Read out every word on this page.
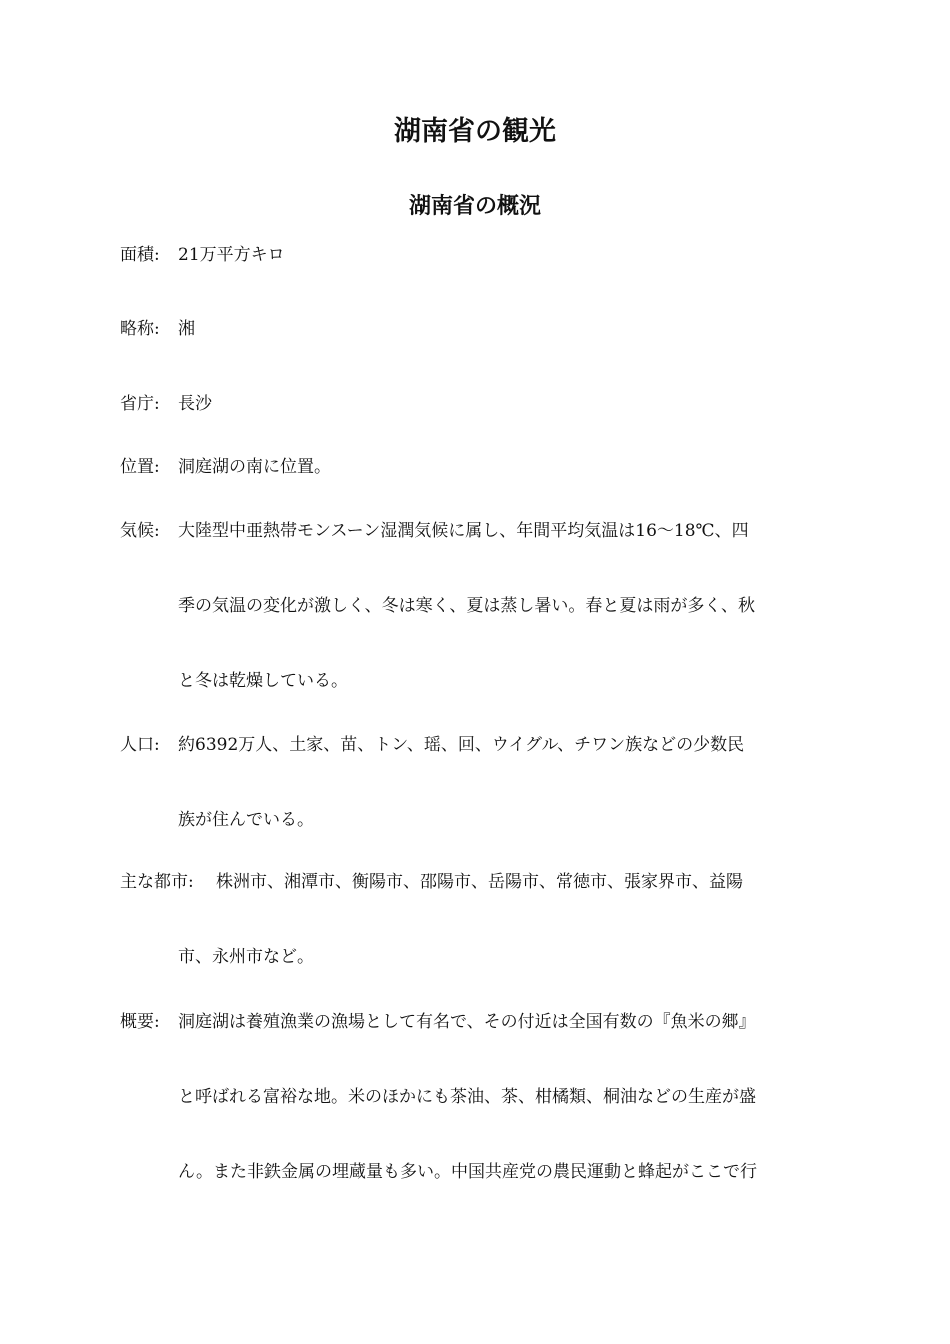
湖南省の観光
湖南省の概況
面積:	21万平方キロ
略称:	湘
省庁:	長沙
位置:	洞庭湖の南に位置。
気候: 大陸型中亜熱帯モンスーン湿潤気候に属し、年間平均気温は16〜18℃、四
季の気温の変化が激しく、冬は寒く、夏は蒸し暑い。春と夏は雨が多く、秋
と冬は乾燥している。
人口: 約6392万人、土家、苗、トン、瑶、回、ウイグル、チワン族などの少数民
族が住んでいる。
主な都市: 株洲市、湘潭市、衡陽市、邵陽市、岳陽市、常徳市、張家界市、益陽
市、永州市など。
概要: 洞庭湖は養殖漁業の漁場として有名で、その付近は全国有数の『魚米の郷』
と呼ばれる富裕な地。米のほかにも茶油、茶、柑橘類、桐油などの生産が盛
ん。また非鉄金属の埋蔵量も多い。中国共産党の農民運動と蜂起がここで行
